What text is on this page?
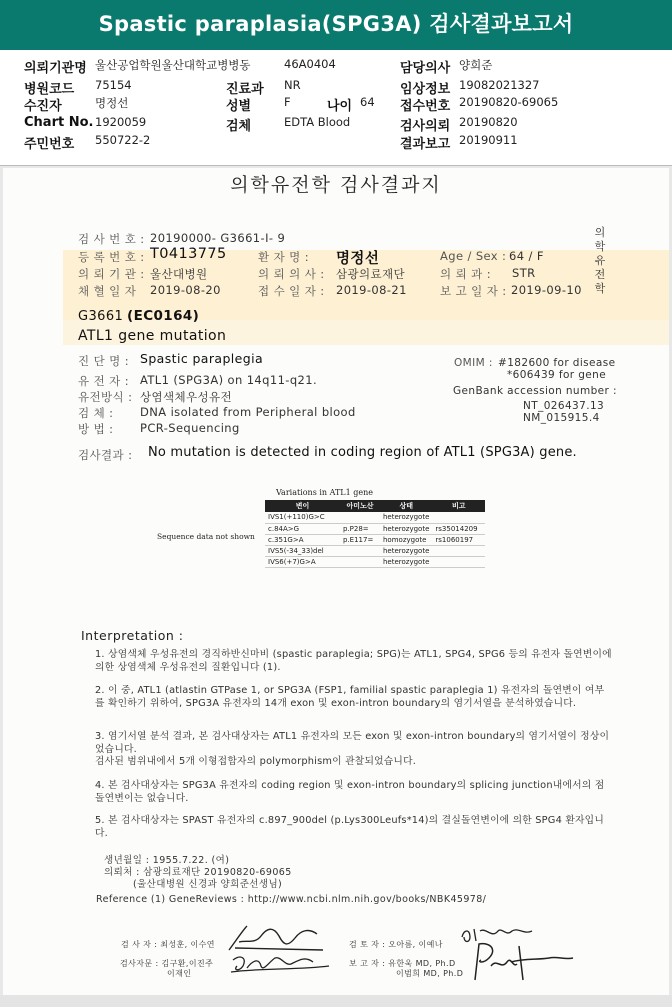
Spastic paraplasia(SPG3A) 검사결과보고서
의뢰기관명 울산공업학원울산대학교병병동	46A0404	담당의사 양희준
병원코드 75154	진료과 NR	임상정보 19082021327
수진자	명정선	성별	F	나이 64 접수번호 20190820-69065
Chart No. 1920059	검체	EDTA Blood	검사의뢰 20190820
주민번호 550722-2	결과보고 20190911
의학유전학 검사결과지
의학유전학
검 사 번 호 : 20190000- G3661-I- 9
등 록 번 호 : T0413775	환 자 명 : 명정선	Age / Sex : 64 / F
의 뢰 기 관 : 울산대병원	의 뢰 의 사 : 삼광의료재단	의 뢰 과 : STR
채 혈 일 자 2019-08-20	접 수 일 자 : 2019-08-21	보 고 일 자 : 2019-09-10
G3661 (EC0164)
ATL1 gene mutation
진 단 명 : Spastic paraplegia
유 전 자 : ATL1 (SPG3A) on 14q11-q21.
유전방식 : 상염색체우성유전
검 체 : DNA isolated from Peripheral blood
방 법 : PCR-Sequencing
OMIM : #182600 for disease
*606439 for gene
GenBank accession number :
NT_026437.13
NM_015915.4
검사결과 : No mutation is detected in coding region of ATL1 (SPG3A) gene.
Variations in ATL1 gene
Sequence data not shown
변이	아미노산	상태	비고
IVS1(+110)G>C		heterozygote	
c.84A>G	p.P28=	heterozygote	rs35014209
c.351G>A	p.E117=	homozygote	rs1060197
IVS5(-34_33)del		heterozygote	
IVS6(+7)G>A		heterozygote	
Interpretation :
1. 상염색체 우성유전의 경직하반신마비 (spastic paraplegia; SPG)는 ATL1, SPG4, SPG6 등의 유전자 돌연변이에 의한 상염색체 우성유전의 질환입니다 (1).
2. 이 중, ATL1 (atlastin GTPase 1, or SPG3A (FSP1, familial spastic paraplegia 1) 유전자의 돌연변이 여부를 확인하기 위하여, SPG3A 유전자의 14개 exon 및 exon-intron boundary의 염기서열을 분석하였습니다.
3. 염기서열 분석 결과, 본 검사대상자는 ATL1 유전자의 모든 exon 및 exon-intron boundary의 염기서열이 정상이었습니다.
검사된 범위내에서 5개 이형접합자의 polymorphism이 관찰되었습니다.
4. 본 검사대상자는 SPG3A 유전자의 coding region 및 exon-intron boundary의 splicing junction내에서의 점돌연변이는 없습니다.
5. 본 검사대상자는 SPAST 유전자의 c.897_900del (p.Lys300Leufs*14)의 결실돌연변이에 의한 SPG4 환자입니다.
생년월일 : 1955.7.22. (여)
의뢰처 : 삼광의료재단 20190820-69065
(울산대병원 신경과 양희준선생님)
Reference (1) GeneReviews : http://www.ncbi.nlm.nih.gov/books/NBK45978/
검 사 자 : 최성훈, 이수연	검 토 자 : 오아름, 이예나
검사자문 : 김구환,이진주
이재인
보 고 자 : 유한욱 MD, Ph.D
이범희 MD, Ph.D
